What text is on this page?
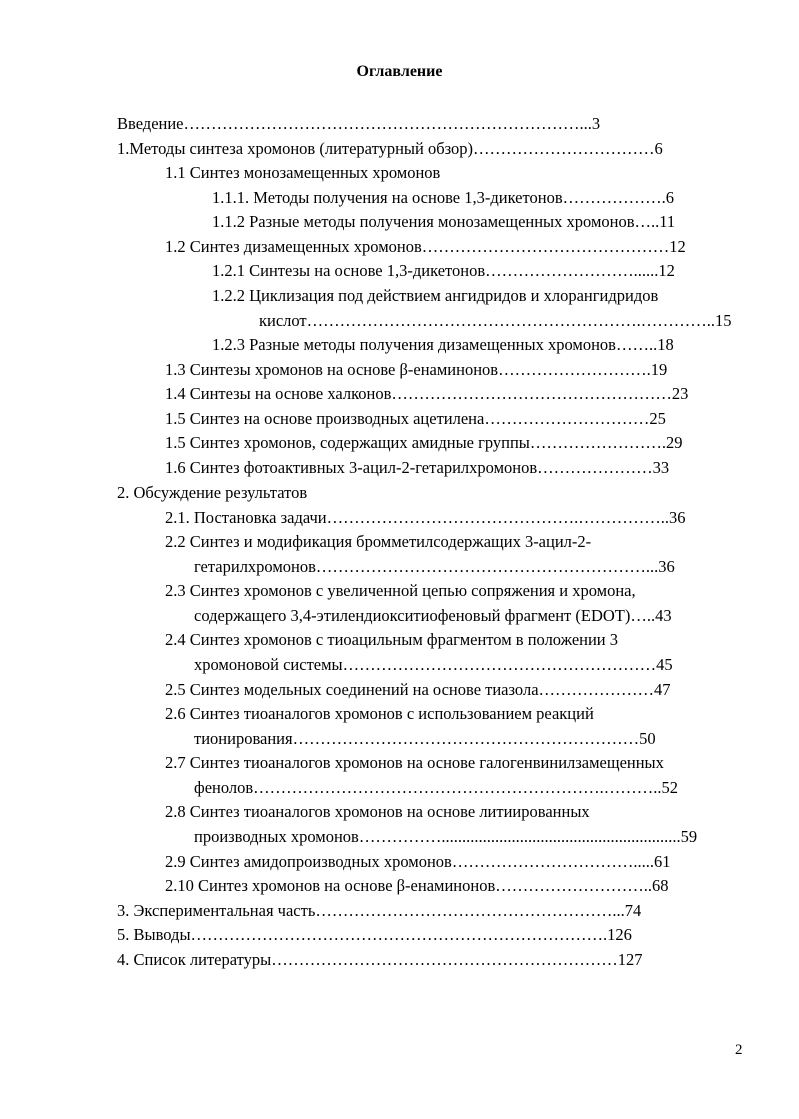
Оглавление
Введение………………………………………………………………...3
1.Методы синтеза хромонов (литературный обзор)……………………………6
1.1 Синтез монозамещенных хромонов
1.1.1. Методы получения на основе 1,3-дикетонов……………….6
1.1.2 Разные методы получения монозамещенных хромонов…..11
1.2 Синтез дизамещенных хромонов………………………………………12
1.2.1 Синтезы на основе 1,3-дикетонов………………………......12
1.2.2 Циклизация под действием ангидридов и хлорангидридов
кислот…………………………………………………….…………..15
1.2.3 Разные методы получения дизамещенных хромонов……..18
1.3 Синтезы хромонов на основе β-енаминонов……………………….19
1.4 Синтезы на основе халконов……………………………………………23
1.5 Синтез на основе производных ацетилена…………………………25
1.5 Синтез хромонов, содержащих амидные группы…………………….29
1.6 Синтез фотоактивных 3-ацил-2-гетарилхромонов…………………33
2. Обсуждение результатов
2.1. Постановка задачи……………………………………….……………..36
2.2 Синтез и модификация бромметилсодержащих 3-ацил-2-
гетарилхромонов……………………………………………………...36
2.3 Синтез хромонов с увеличенной цепью сопряжения и хромона,
содержащего 3,4-этилендиокситиофеновый фрагмент (EDOT)…..43
2.4 Синтез хромонов с тиоацильным фрагментом в положении 3
хромоновой системы…………………………………………………45
2.5 Синтез модельных соединений на основе тиазола…………………47
2.6 Синтез тиоаналогов хромонов с использованием реакций
тионирования………………………………………………………50
2.7 Синтез тиоаналогов хромонов на основе галогенвинилзамещенных
фенолов……………………………………………………….………..52
2.8 Синтез тиоаналогов хромонов на основе литиированных
производных хромонов……………..........................................................59
2.9 Синтез амидопроизводных хромонов…………………………….....61
2.10 Синтез хромонов на основе β-енаминонов………………………..68
3. Экспериментальная часть………………………………………………...74
5. Выводы………………………………………………………………….126
4. Список литературы………………………………………………………127
2
